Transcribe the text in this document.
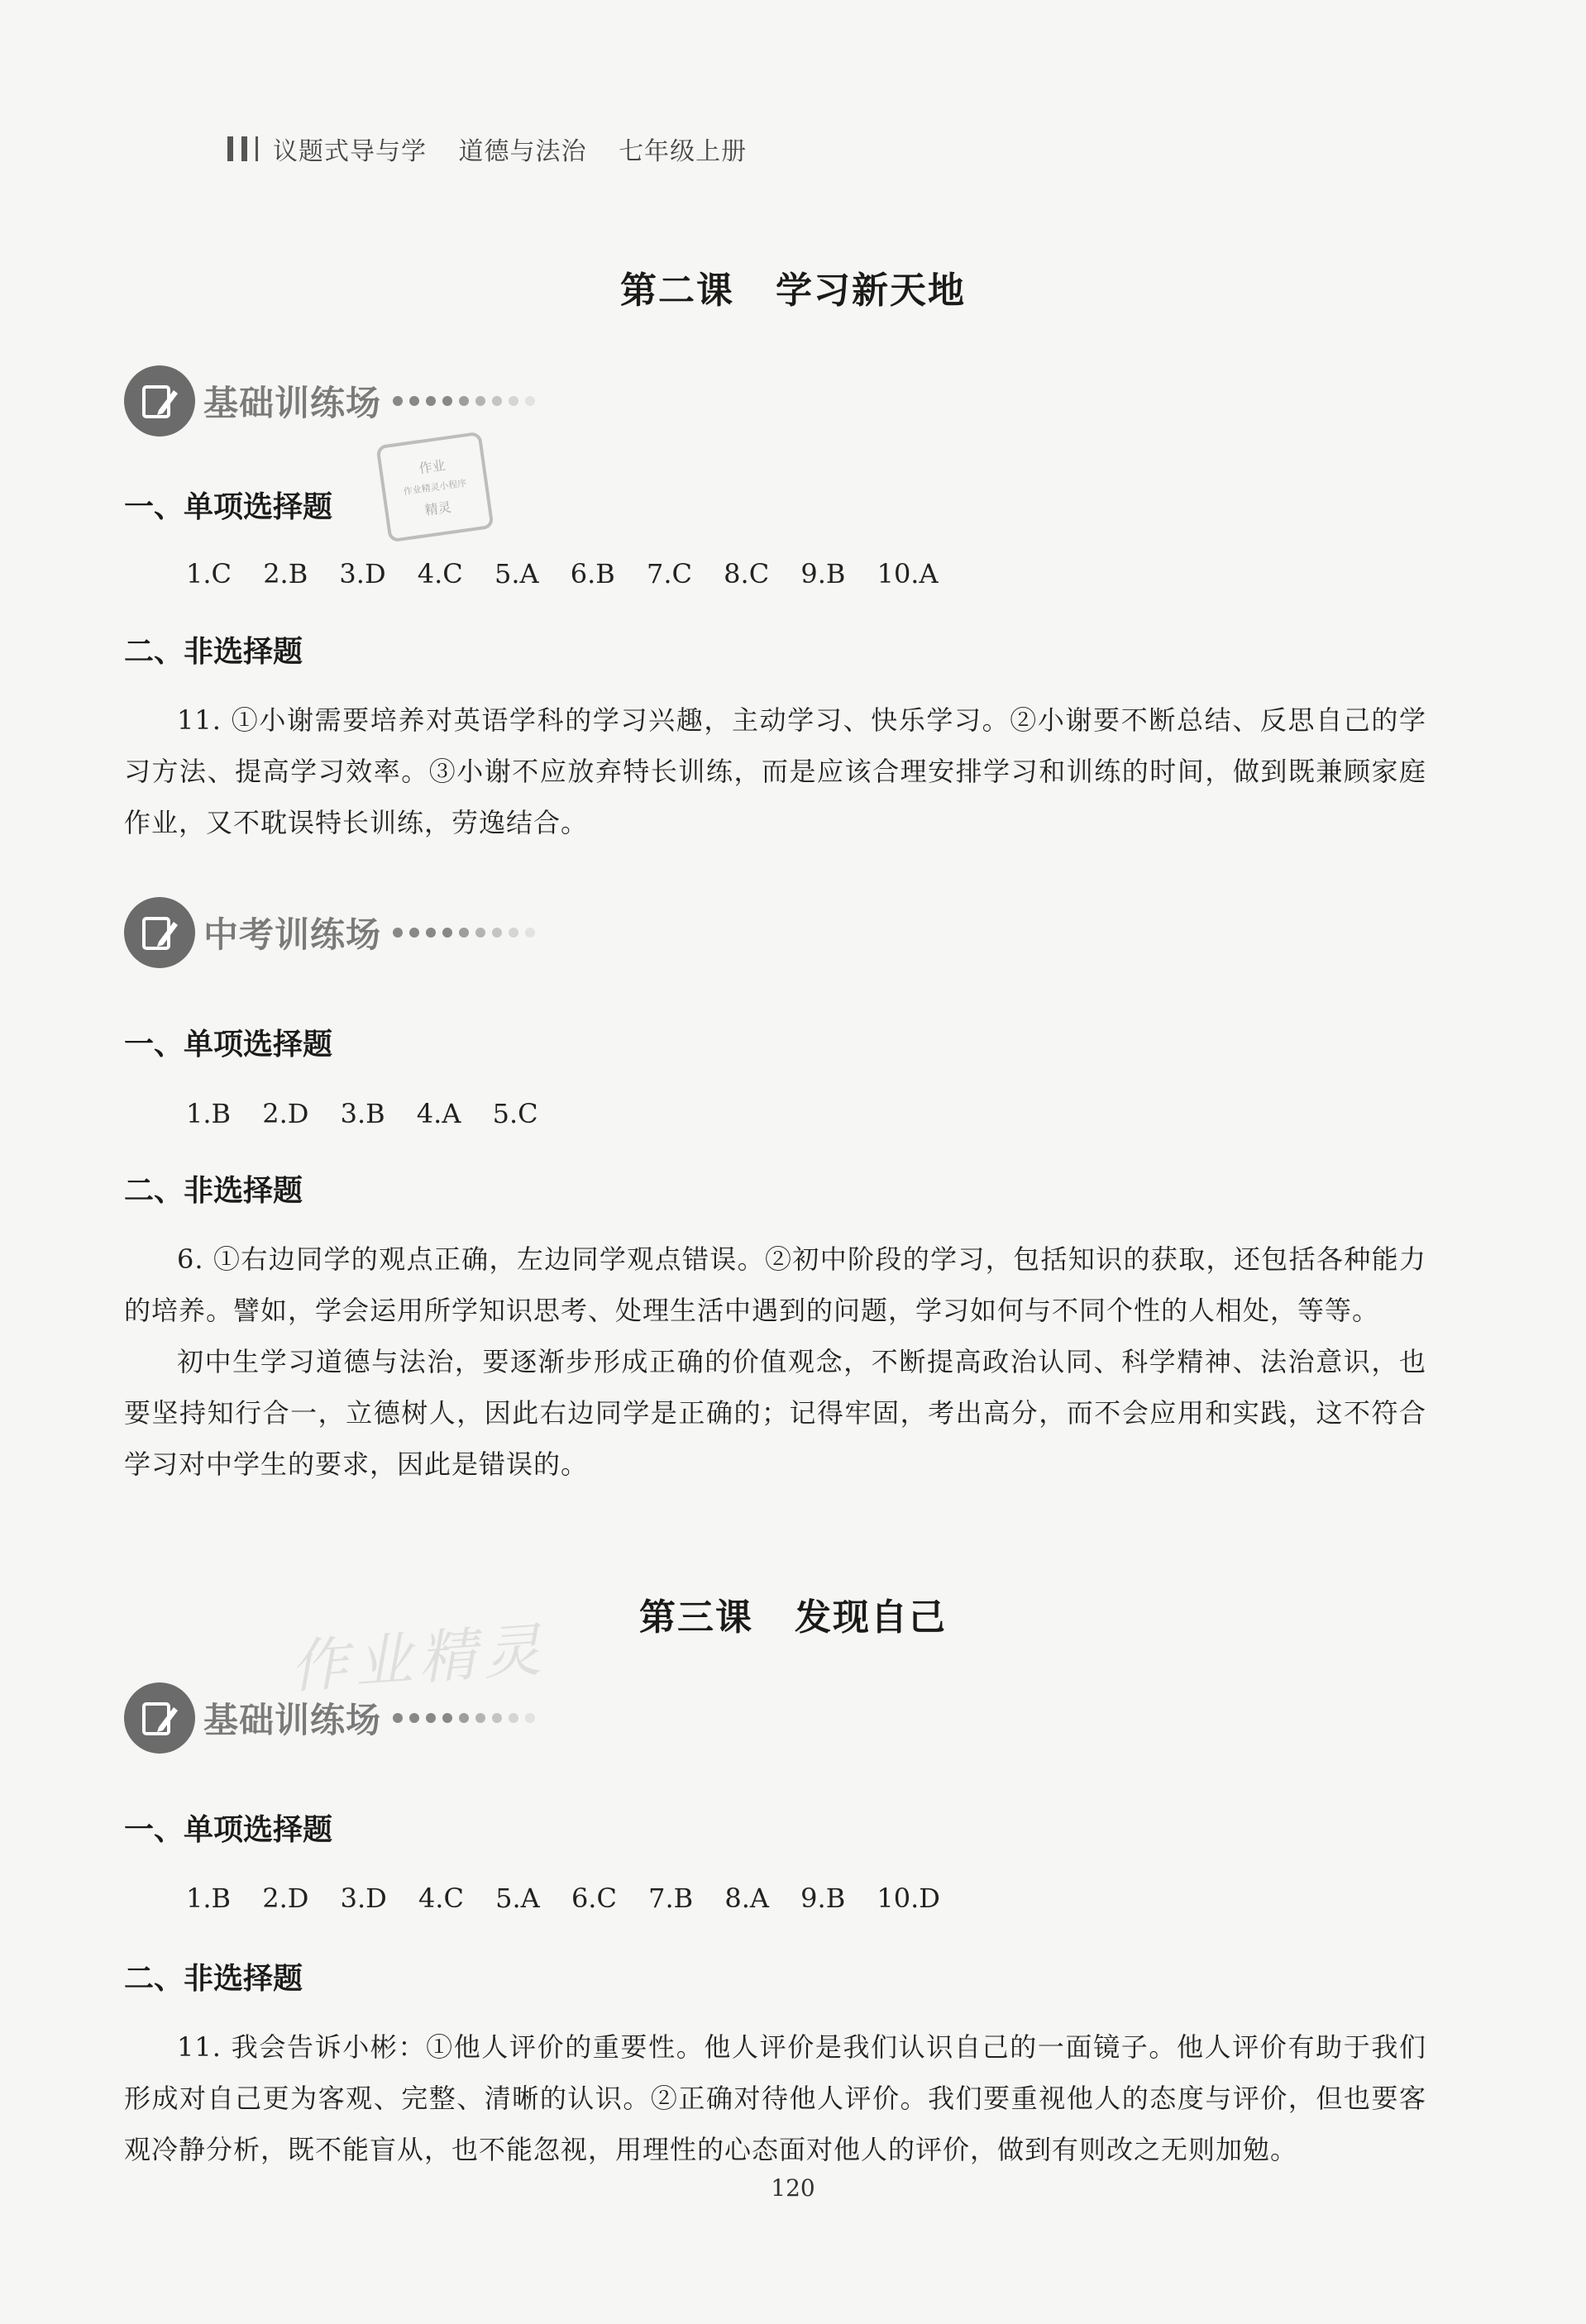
议题式导与学 道德与法治 七年级上册
第二课 学习新天地
基础训练场
作业
作业精灵小程序
精灵
一、单项选择题
1.C 2.B 3.D 4.C 5.A 6.B 7.C 8.C 9.B 10.A
二、非选择题

11. ①小谢需要培养对英语学科的学习兴趣，主动学习、快乐学习。②小谢要不断总结、反思自己的学习方法、提高学习效率。③小谢不应放弃特长训练，而是应该合理安排学习和训练的时间，做到既兼顾家庭作业，又不耽误特长训练，劳逸结合。

中考训练场
一、单项选择题
1.B 2.D 3.B 4.A 5.C
二、非选择题

6. ①右边同学的观点正确，左边同学观点错误。②初中阶段的学习，包括知识的获取，还包括各种能力的培养。譬如，学会运用所学知识思考、处理生活中遇到的问题，学习如何与不同个性的人相处，等等。

初中生学习道德与法治，要逐渐步形成正确的价值观念，不断提高政治认同、科学精神、法治意识，也要坚持知行合一，立德树人，因此右边同学是正确的；记得牢固，考出高分，而不会应用和实践，这不符合学习对中学生的要求，因此是错误的。

第三课 发现自己
作业精灵
基础训练场
一、单项选择题
1.B 2.D 3.D 4.C 5.A 6.C 7.B 8.A 9.B 10.D
二、非选择题

11. 我会告诉小彬：①他人评价的重要性。他人评价是我们认识自己的一面镜子。他人评价有助于我们形成对自己更为客观、完整、清晰的认识。②正确对待他人评价。我们要重视他人的态度与评价，但也要客观冷静分析，既不能盲从，也不能忽视，用理性的心态面对他人的评价，做到有则改之无则加勉。

120
